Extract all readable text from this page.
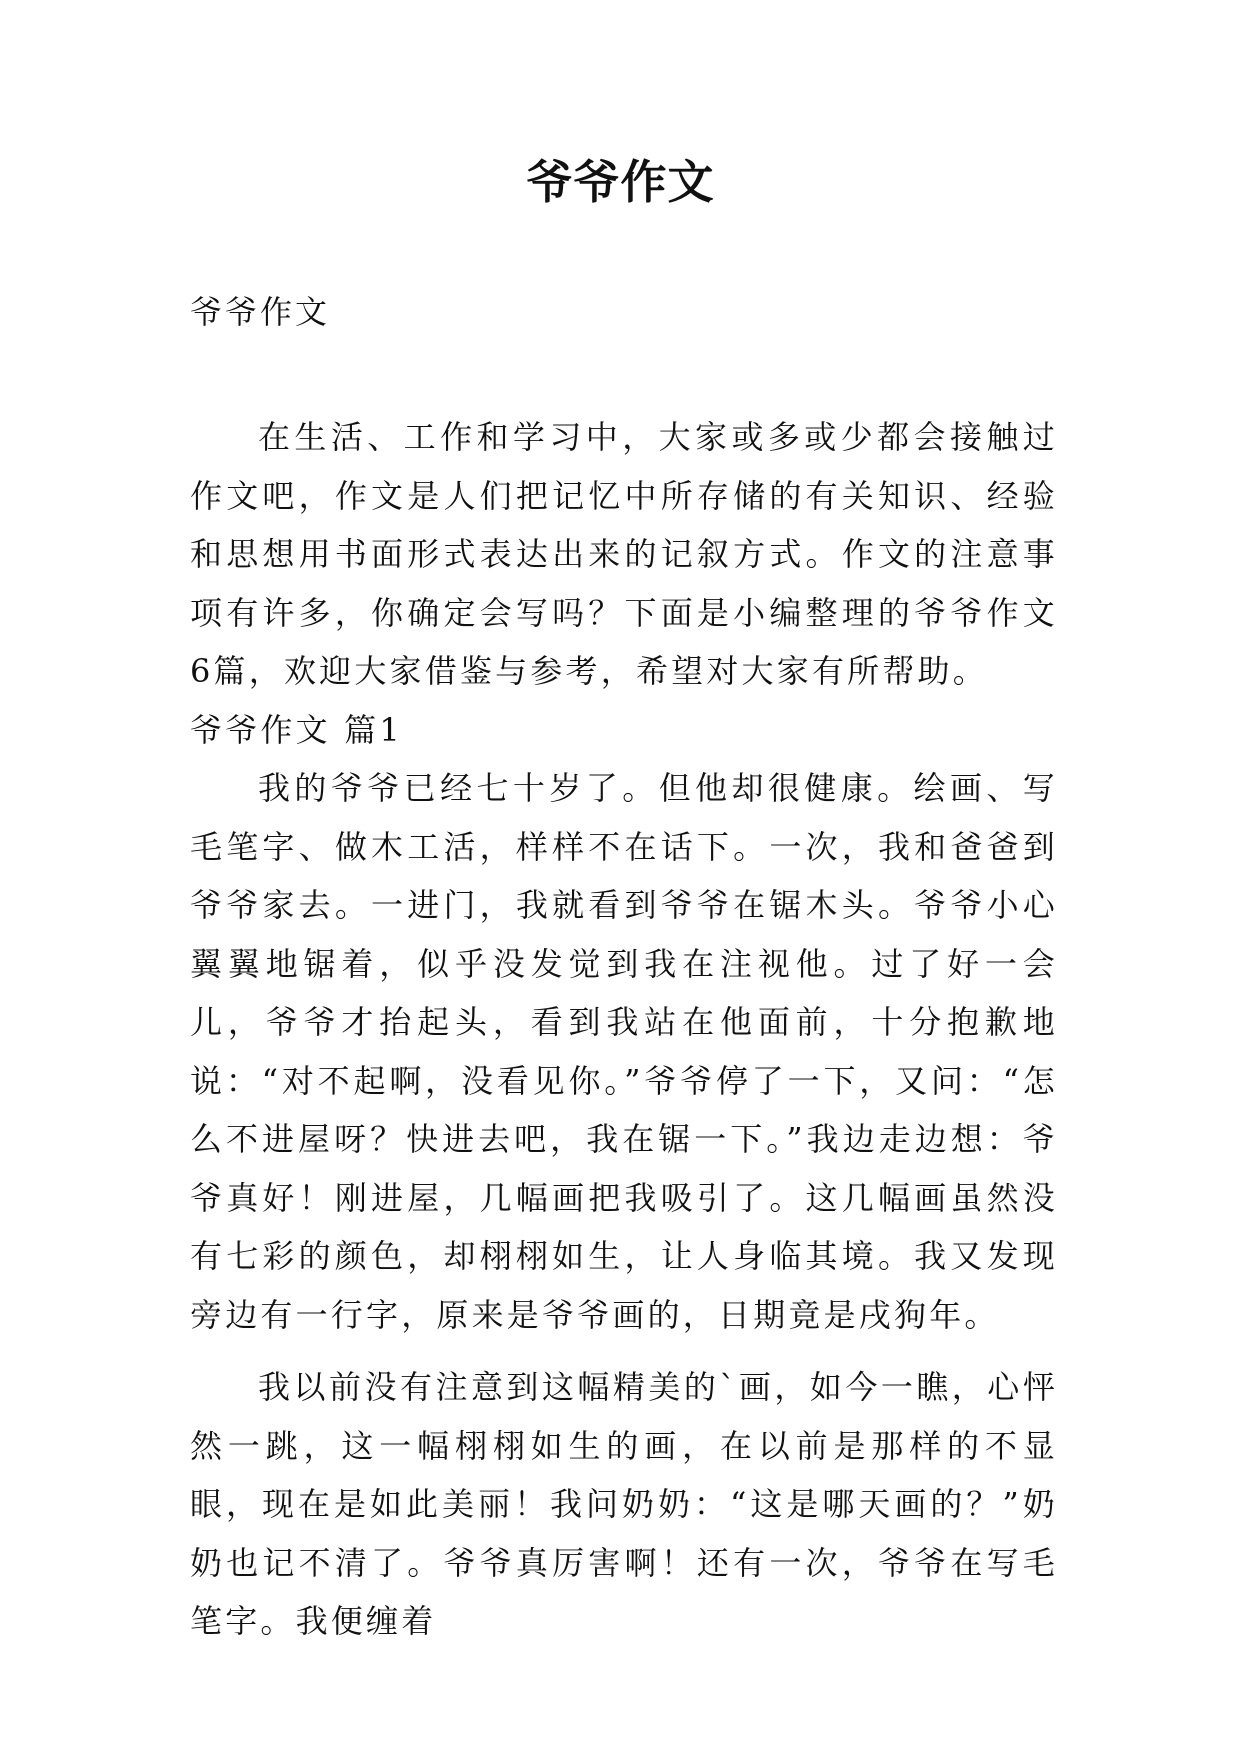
爷爷作文
爷爷作文

在生活、工作和学习中，大家或多或少都会接触过作文吧，作文是人们把记忆中所存储的有关知识、经验和思想用书面形式表达出来的记叙方式。作文的注意事项有许多，你确定会写吗？下面是小编整理的爷爷作文6篇，欢迎大家借鉴与参考，希望对大家有所帮助。

爷爷作文 篇1

我的爷爷已经七十岁了。但他却很健康。绘画、写毛笔字、做木工活，样样不在话下。一次，我和爸爸到爷爷家去。一进门，我就看到爷爷在锯木头。爷爷小心翼翼地锯着，似乎没发觉到我在注视他。过了好一会儿，爷爷才抬起头，看到我站在他面前，十分抱歉地说：“对不起啊，没看见你。”爷爷停了一下，又问：“怎么不进屋呀？快进去吧，我在锯一下。”我边走边想：爷爷真好！刚进屋，几幅画把我吸引了。这几幅画虽然没有七彩的颜色，却栩栩如生，让人身临其境。我又发现旁边有一行字，原来是爷爷画的，日期竟是戌狗年。

我以前没有注意到这幅精美的`画，如今一瞧，心怦然一跳，这一幅栩栩如生的画，在以前是那样的不显眼，现在是如此美丽！我问奶奶：“这是哪天画的？”奶奶也记不清了。爷爷真厉害啊！还有一次，爷爷在写毛笔字。我便缠着
